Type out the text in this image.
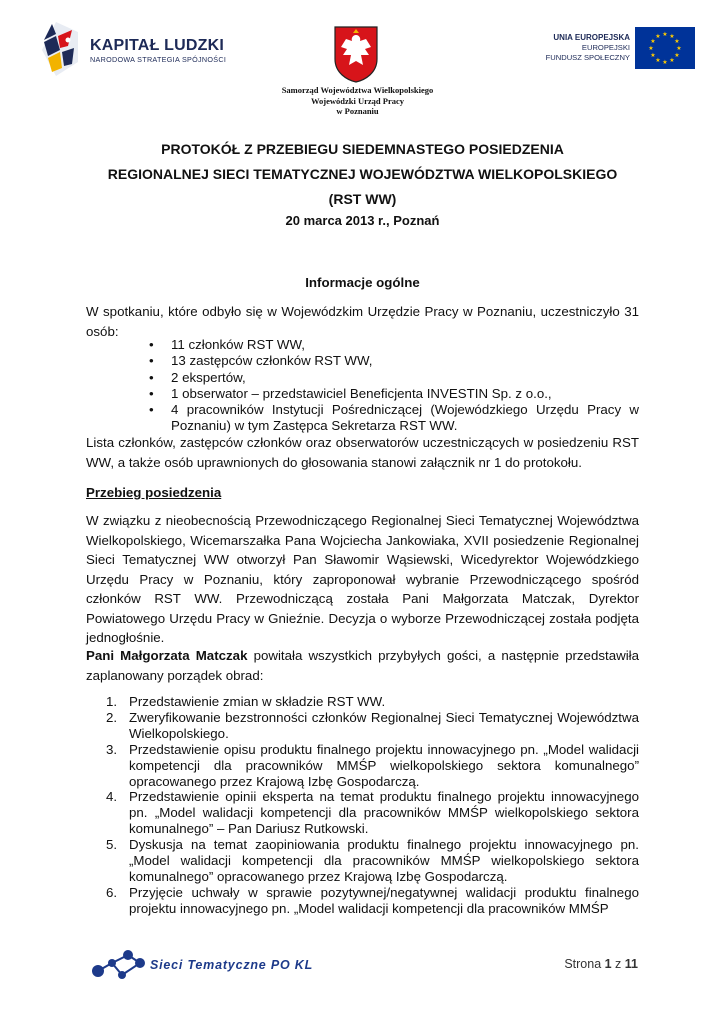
KAPITAŁ LUDZKI
NARODOWA STRATEGIA SPÓJNOŚCI
Samorząd Województwa Wielkopolskiego
Wojewódzki Urząd Pracy
w Poznaniu
UNIA EUROPEJSKA
EUROPEJSKI
FUNDUSZ SPOŁECZNY
★ ★
★
★
★
★
★
★
★
★
★
★
PROTOKÓŁ Z PRZEBIEGU SIEDEMNASTEGO POSIEDZENIA
REGIONALNEJ SIECI TEMATYCZNEJ WOJEWÓDZTWA WIELKOPOLSKIEGO
(RST WW)
20 marca 2013 r., Poznań
Informacje ogólne
W spotkaniu, które odbyło się w Wojewódzkim Urzędzie Pracy w Poznaniu, uczestniczyło 31 osób:
• 11 członków RST WW,
• 13 zastępców członków RST WW,
• 2 ekspertów,
• 1 obserwator – przedstawiciel Beneficjenta INVESTIN Sp. z o.o.,
• 4 pracowników Instytucji Pośredniczącej (Wojewódzkiego Urzędu Pracy w Poznaniu) w tym Zastępca Sekretarza RST WW.
Lista członków, zastępców członków oraz obserwatorów uczestniczących w posiedzeniu RST WW, a także osób uprawnionych do głosowania stanowi załącznik nr 1 do protokołu.
Przebieg posiedzenia
W związku z nieobecnością Przewodniczącego Regionalnej Sieci Tematycznej Województwa Wielkopolskiego, Wicemarszałka Pana Wojciecha Jankowiaka, XVII posiedzenie Regionalnej Sieci Tematycznej WW otworzył Pan Sławomir Wąsiewski, Wicedyrektor Wojewódzkiego Urzędu Pracy w Poznaniu, który zaproponował wybranie Przewodniczącego spośród członków RST WW. Przewodniczącą została Pani Małgorzata Matczak, Dyrektor Powiatowego Urzędu Pracy w Gnieźnie. Decyzja o wyborze Przewodniczącej została podjęta jednogłośnie.
Pani Małgorzata Matczak powitała wszystkich przybyłych gości, a następnie przedstawiła zaplanowany porządek obrad:
1. Przedstawienie zmian w składzie RST WW.
2. Zweryfikowanie bezstronności członków Regionalnej Sieci Tematycznej Województwa Wielkopolskiego.
3. Przedstawienie opisu produktu finalnego projektu innowacyjnego pn. „Model walidacji kompetencji dla pracowników MMŚP wielkopolskiego sektora komunalnego” opracowanego przez Krajową Izbę Gospodarczą.
4. Przedstawienie opinii eksperta na temat produktu finalnego projektu innowacyjnego pn. „Model walidacji kompetencji dla pracowników MMŚP wielkopolskiego sektora komunalnego” – Pan Dariusz Rutkowski.
5. Dyskusja na temat zaopiniowania produktu finalnego projektu innowacyjnego pn. „Model walidacji kompetencji dla pracowników MMŚP wielkopolskiego sektora komunalnego” opracowanego przez Krajową Izbę Gospodarczą.
6. Przyjęcie uchwały w sprawie pozytywnej/negatywnej walidacji produktu finalnego projektu innowacyjnego pn. „Model walidacji kompetencji dla pracowników MMŚP
Sieci Tematyczne PO KL	Strona 1 z 11
